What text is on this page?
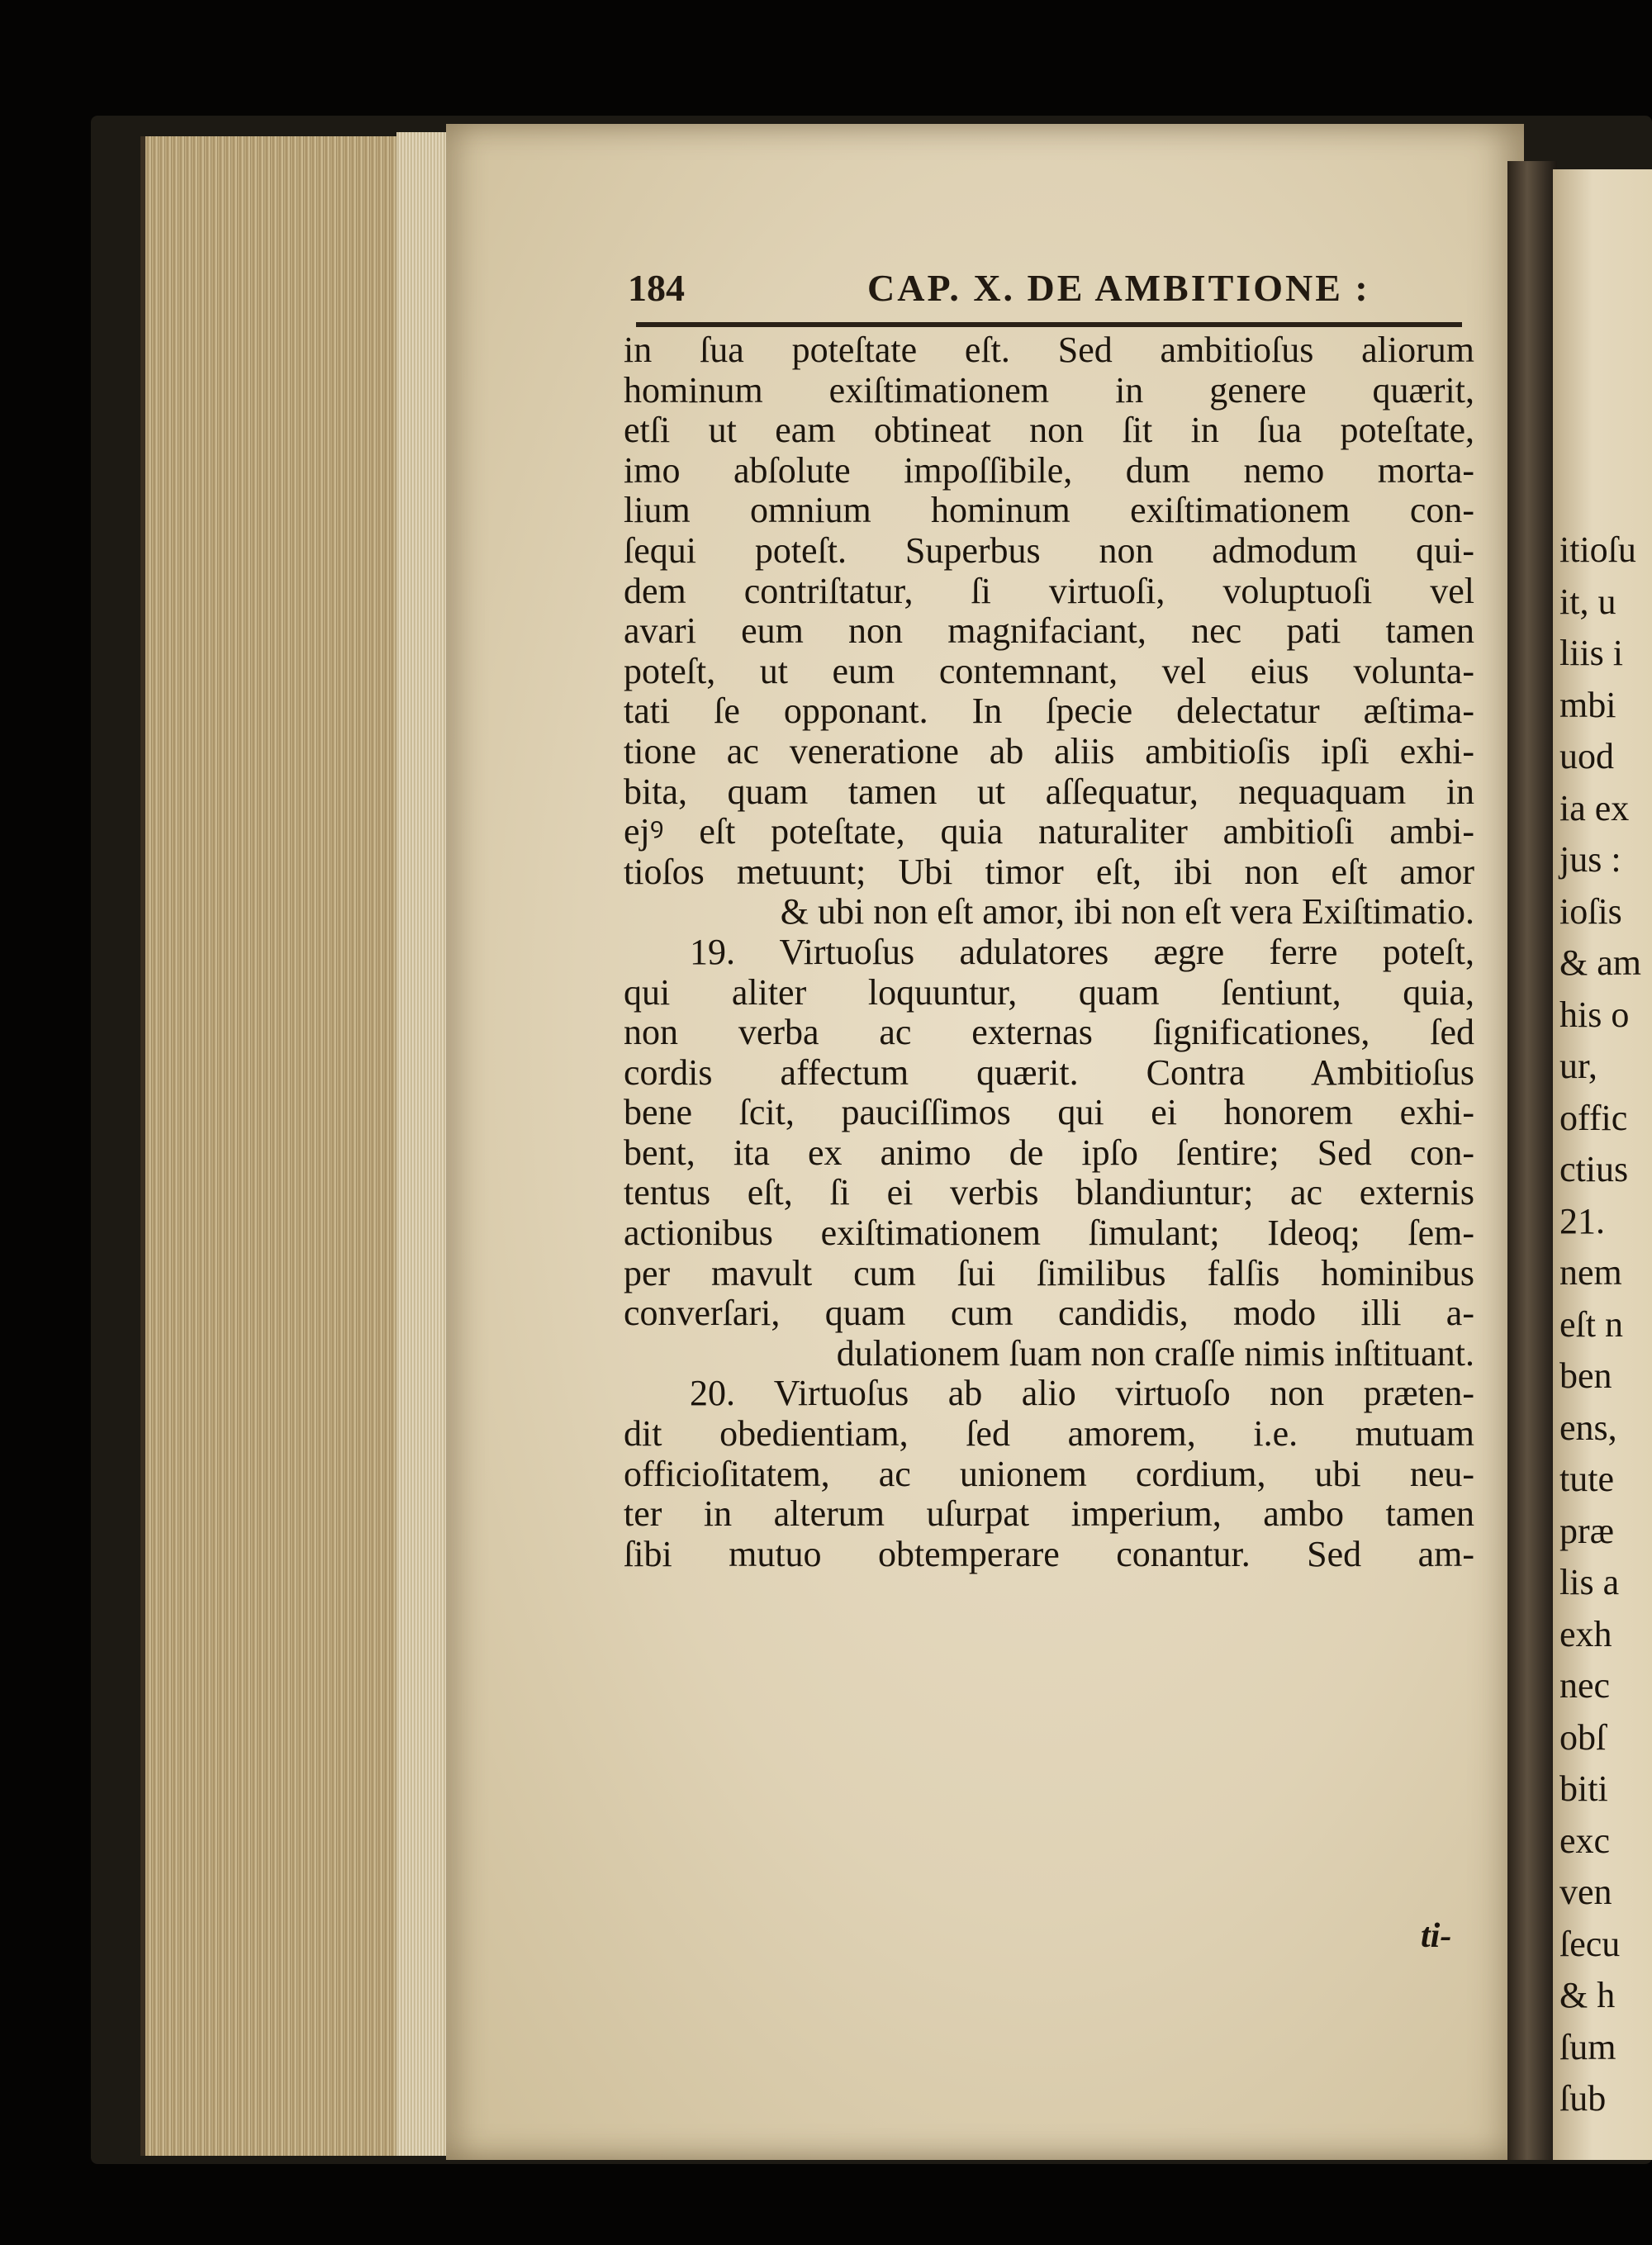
184	CAP. X. DE AMBITIONE :
in ſua poteſtate eſt. Sed ambitioſus aliorum
hominum exiſtimationem in genere quærit,
etſi ut eam obtineat non ſit in ſua poteſtate,
imo abſolute impoſſibile, dum nemo morta-
lium omnium hominum exiſtimationem con-
ſequi poteſt. Superbus non admodum qui-
dem contriſtatur, ſi virtuoſi, voluptuoſi vel
avari eum non magnifaciant, nec pati tamen
poteſt, ut eum contemnant, vel eius volunta-
tati ſe opponant. In ſpecie delectatur æſtima-
tione ac veneratione ab aliis ambitioſis ipſi exhi-
bita, quam tamen ut aſſequatur, nequaquam in
ejꝰ eſt poteſtate, quia naturaliter ambitioſi ambi-
tioſos metuunt; Ubi timor eſt, ibi non eſt amor
& ubi non eſt amor, ibi non eſt vera Exiſtimatio.
19. Virtuoſus adulatores ægre ferre poteſt,
qui aliter loquuntur, quam ſentiunt, quia,
non verba ac externas ſignificationes, ſed
cordis affectum quærit. Contra Ambitioſus
bene ſcit, pauciſſimos qui ei honorem exhi-
bent, ita ex animo de ipſo ſentire; Sed con-
tentus eſt, ſi ei verbis blandiuntur; ac externis
actionibus exiſtimationem ſimulant; Ideoq; ſem-
per mavult cum ſui ſimilibus falſis hominibus
converſari, quam cum candidis, modo illi a-
dulationem ſuam non craſſe nimis inſtituant.
20. Virtuoſus ab alio virtuoſo non præten-
dit obedientiam, ſed amorem, i.e. mutuam
officioſitatem, ac unionem cordium, ubi neu-
ter in alterum uſurpat imperium, ambo tamen
ſibi mutuo obtemperare conantur. Sed am-
ti-
itioſu
it, u
liis i
mbi
uod
ia ex
jus :
ioſis
& am
his o
ur,
offic
ctius
21.
nem
eſt n
ben
ens,
tute
præ
lis a
exh
nec
obſ
biti
exc
ven
ſecu
& h
ſum
ſub
